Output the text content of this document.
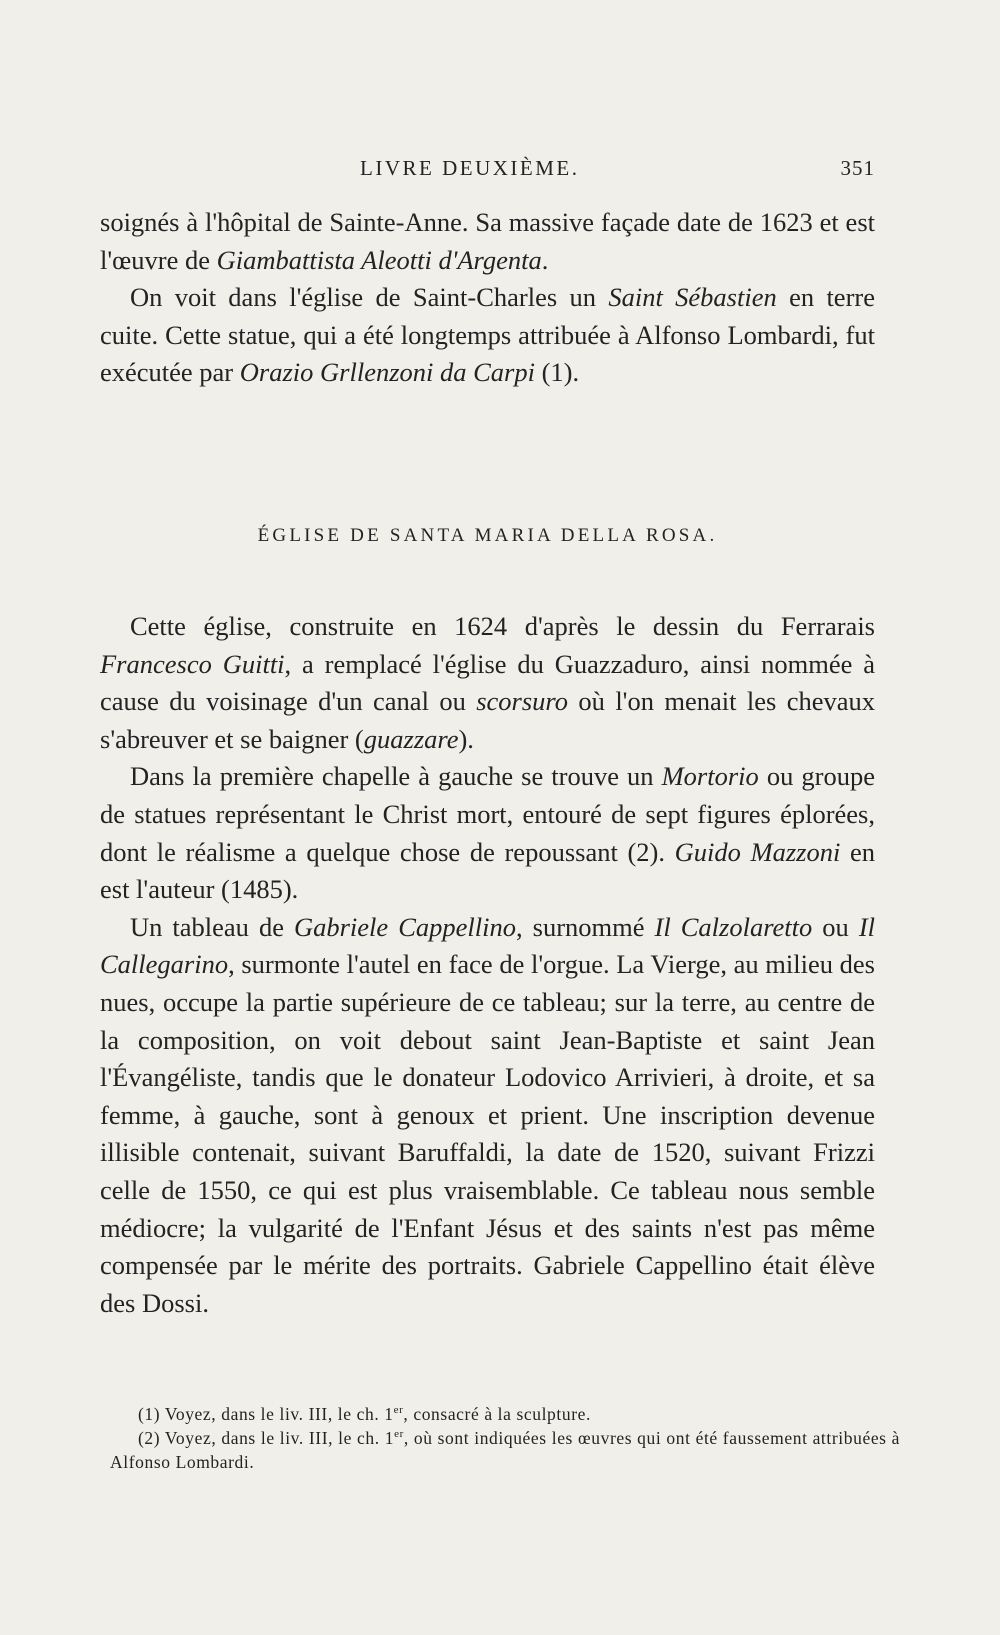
LIVRE DEUXIÈME.	351

soignés à l'hôpital de Sainte-Anne. Sa massive façade date de 1623 et est l'œuvre de Giambattista Aleotti d'Argenta.

On voit dans l'église de Saint-Charles un Saint Sébastien en terre cuite. Cette statue, qui a été longtemps attribuée à Alfonso Lombardi, fut exécutée par Orazio Grllenzoni da Carpi (1).

ÉGLISE DE SANTA MARIA DELLA ROSA.

Cette église, construite en 1624 d'après le dessin du Ferrarais Francesco Guitti, a remplacé l'église du Guazzaduro, ainsi nommée à cause du voisinage d'un canal ou scorsuro où l'on menait les chevaux s'abreuver et se baigner (guazzare).

Dans la première chapelle à gauche se trouve un Mortorio ou groupe de statues représentant le Christ mort, entouré de sept figures éplorées, dont le réalisme a quelque chose de repoussant (2). Guido Mazzoni en est l'auteur (1485).

Un tableau de Gabriele Cappellino, surnommé Il Calzolaretto ou Il Callegarino, surmonte l'autel en face de l'orgue. La Vierge, au milieu des nues, occupe la partie supérieure de ce tableau; sur la terre, au centre de la composition, on voit debout saint Jean-Baptiste et saint Jean l'Évangéliste, tandis que le donateur Lodovico Arrivieri, à droite, et sa femme, à gauche, sont à genoux et prient. Une inscription devenue illisible contenait, suivant Baruffaldi, la date de 1520, suivant Frizzi celle de 1550, ce qui est plus vraisemblable. Ce tableau nous semble médiocre; la vulgarité de l'Enfant Jésus et des saints n'est pas même compensée par le mérite des portraits. Gabriele Cappellino était élève des Dossi.

(1) Voyez, dans le liv. III, le ch. 1er, consacré à la sculpture.

(2) Voyez, dans le liv. III, le ch. 1er, où sont indiquées les œuvres qui ont été faussement attribuées à Alfonso Lombardi.
